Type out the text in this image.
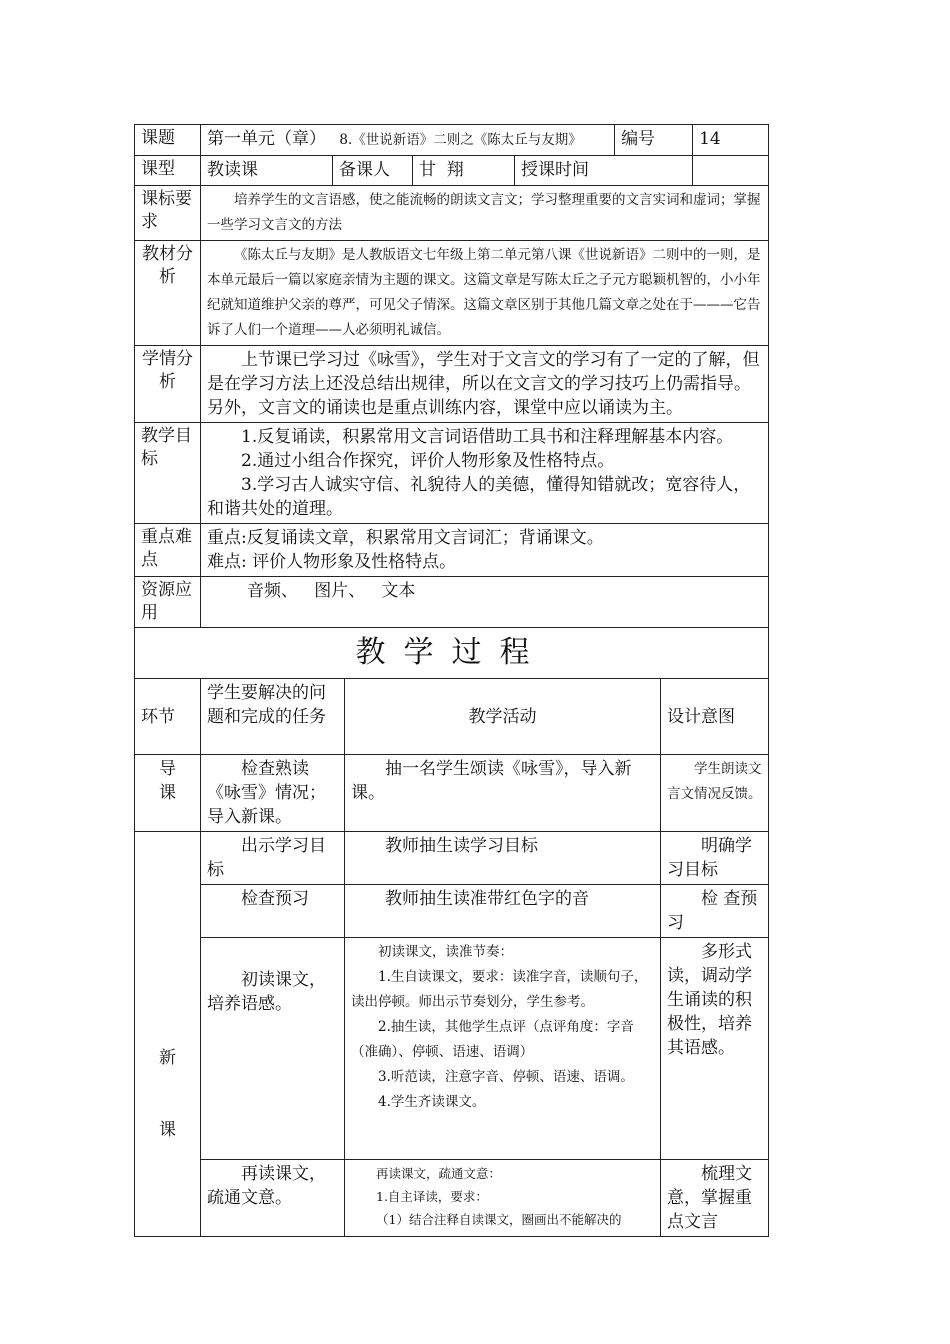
课题	第一单元（章） 8.《世说新语》二则之《陈太丘与友期》				编号	14
课型	教读课	备课人	甘  翔	授课时间		
课标要求	培养学生的文言语感，使之能流畅的朗读文言文；学习整理重要的文言实词和虚词；掌握一些学习文言文的方法					
教材分析	《陈太丘与友期》是人教版语文七年级上第二单元第八课《世说新语》二则中的一则，是本单元最后一篇以家庭亲情为主题的课文。这篇文章是写陈太丘之子元方聪颖机智的，小小年纪就知道维护父亲的尊严，可见父子情深。这篇文章区别于其他几篇文章之处在于———它告诉了人们一个道理——人必须明礼诚信。					
学情分析	上节课已学习过《咏雪》，学生对于文言文的学习有了一定的了解，但是在学习方法上还没总结出规律，所以在文言文的学习技巧上仍需指导。另外，文言文的诵读也是重点训练内容，课堂中应以诵读为主。					
教学目标	1.反复诵读，积累常用文言词语借助工具书和注释理解基本内容。

2.通过小组合作探究，评价人物形象及性格特点。

3.学习古人诚实守信、礼貌待人的美德，懂得知错就改；宽容待人，和谐共处的道理。					

重点难点	重点:反复诵读文章，积累常用文言词汇；背诵课文。

难点: 评价人物形象及性格特点。					

资源应用	音频、   图片、   文本					
教学过程			
环节	学生要解决的问题和完成的任务	教学活动	设计意图
导课	检查熟读《咏雪》情况；导入新课。	抽一名学生颂读《咏雪》，导入新课。	学生朗读文言文情况反馈。

新

课	出示学习目标	教师抽生读学习目标	明确学习目标
	检查预习	教师抽生读准带红色字的音	检 查预习
	初读课文，培养语感。	初读课文，读准节奏：

1.生自读课文，要求：读准字音，读顺句子，读出停顿。师出示节奏划分，学生参考。

2.抽生读，其他学生点评（点评角度：字音（准确）、停顿、语速、语调）

3.听范读，注意字音、停顿、语速、语调。

4.学生齐读课文。	多形式读，调动学生诵读的积极性，培养其语感。
	再读课文，疏通文意。	再读课文，疏通文意：

1.自主译读，要求：

（1）结合注释自读课文，圈画出不能解决的	梳理文意，掌握重点文言
